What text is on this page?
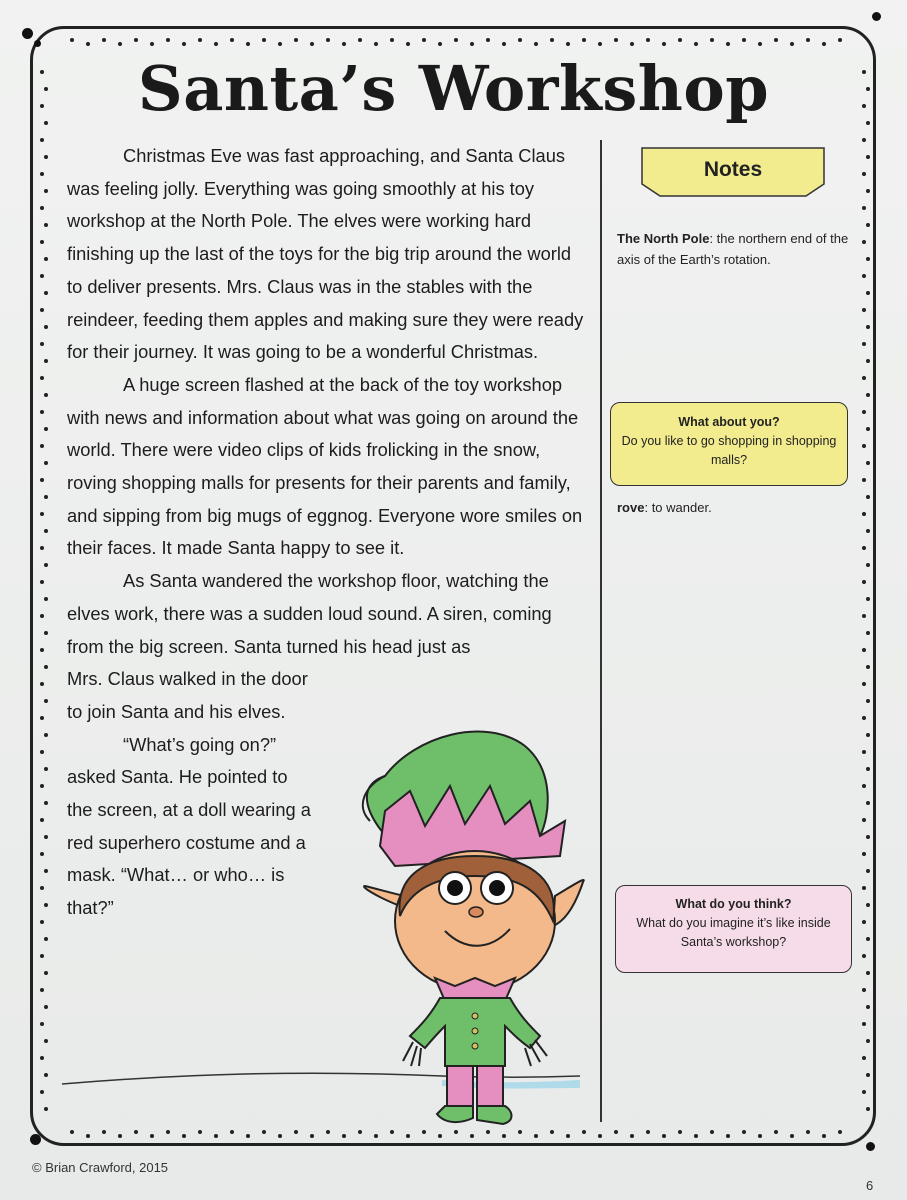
Santa’s Workshop

Christmas Eve was fast approaching, and Santa Claus was feeling jolly. Everything was going smoothly at his toy workshop at the North Pole. The elves were working hard finishing up the last of the toys for the big trip around the world to deliver presents. Mrs. Claus was in the stables with the reindeer, feeding them apples and making sure they were ready for their journey. It was going to be a wonderful Christmas.

A huge screen flashed at the back of the toy workshop with news and information about what was going on around the world. There were video clips of kids frolicking in the snow, roving shopping malls for presents for their parents and family, and sipping from big mugs of eggnog. Everyone wore smiles on their faces. It made Santa happy to see it.

As Santa wandered the workshop floor, watching the elves work, there was a sudden loud sound. A siren, coming from the big screen. Santa turned his head just as

Mrs. Claus walked in the door to join Santa and his elves.

“What’s going on?” asked Santa. He pointed to the screen, at a doll wearing a red superhero costume and a mask. “What… or who… is that?”

Notes
The North Pole: the northern end of the axis of the Earth’s rotation.
What about you?
Do you like to go shopping in shopping malls?
rove: to wander.
What do you think?
What do you imagine it’s like inside Santa’s workshop?
© Brian Crawford, 2015
6
